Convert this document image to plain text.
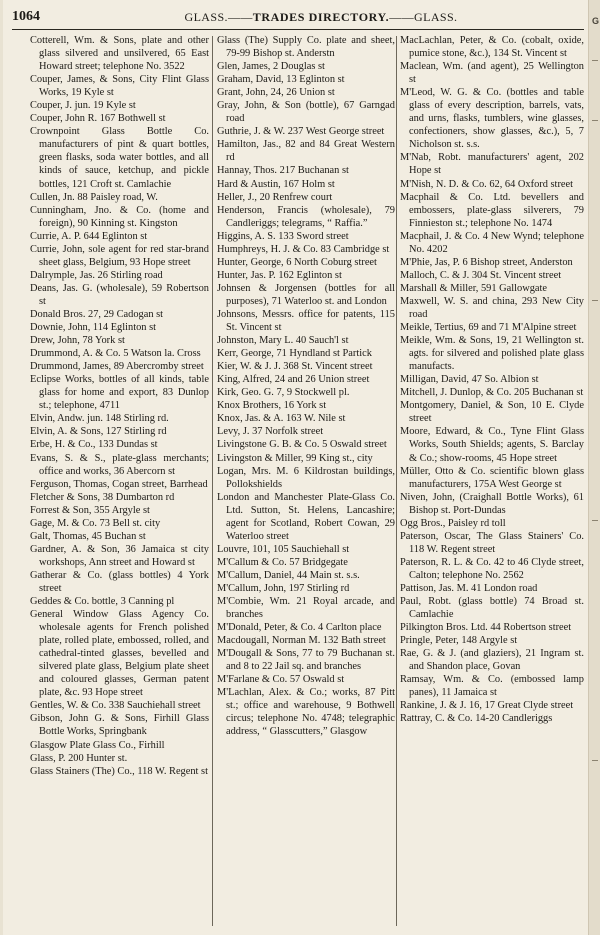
1064	GLASS.——TRADES DIRECTORY.——GLASS.

Cotterell, Wm. & Sons, plate and other glass silvered and unsilvered, 65 East Howard street; telephone No. 3522

Couper, James, & Sons, City Flint Glass Works, 19 Kyle st

Couper, J. jun. 19 Kyle st

Couper, John R. 167 Bothwell st

Crownpoint Glass Bottle Co. manufacturers of pint & quart bottles, green flasks, soda water bottles, and all kinds of sauce, ketchup, and pickle bottles, 121 Croft st. Camlachie

Cullen, Jn. 88 Paisley road, W.

Cunningham, Jno. & Co. (home and foreign), 90 Kinning st. Kingston

Currie, A. P. 644 Eglinton st

Currie, John, sole agent for red star-brand sheet glass, Belgium, 93 Hope street

Dalrymple, Jas. 26 Stirling road

Deans, Jas. G. (wholesale), 59 Robertson st

Donald Bros. 27, 29 Cadogan st

Downie, John, 114 Eglinton st

Drew, John, 78 York st

Drummond, A. & Co. 5 Watson la. Cross

Drummond, James, 89 Abercromby street

Eclipse Works, bottles of all kinds, table glass for home and export, 83 Dunlop st.; telephone, 4711

Elvin, Andw. jun. 148 Stirling rd.

Elvin, A. & Sons, 127 Stirling rd

Erbe, H. & Co., 133 Dundas st

Evans, S. & S., plate-glass merchants; office and works, 36 Abercorn st

Ferguson, Thomas, Cogan street, Barrhead

Fletcher & Sons, 38 Dumbarton rd

Forrest & Son, 355 Argyle st

Gage, M. & Co. 73 Bell st. city

Galt, Thomas, 45 Buchan st

Gardner, A. & Son, 36 Jamaica st city workshops, Ann street and Howard st

Gatherar & Co. (glass bottles) 4 York street

Geddes & Co. bottle, 3 Canning pl

General Window Glass Agency Co. wholesale agents for French polished plate, rolled plate, embossed, rolled, and cathedral-tinted glasses, bevelled and silvered plate glass, Belgium plate sheet and coloured glasses, German patent plate, &c. 93 Hope street

Gentles, W. & Co. 338 Sauchiehall street

Gibson, John G. & Sons, Firhill Glass Bottle Works, Springbank

Glasgow Plate Glass Co., Firhill

Glass, P. 200 Hunter st.

Glass Stainers (The) Co., 118 W. Regent st

Glass (The) Supply Co. plate and sheet, 79-99 Bishop st. Anderstn

Glen, James, 2 Douglas st

Graham, David, 13 Eglinton st

Grant, John, 24, 26 Union st

Gray, John, & Son (bottle), 67 Garngad road

Guthrie, J. & W. 237 West George street

Hamilton, Jas., 82 and 84 Great Western rd

Hannay, Thos. 217 Buchanan st

Hard & Austin, 167 Holm st

Heller, J., 20 Renfrew court

Henderson, Francis (wholesale), 79 Candleriggs; telegrams, “ Raffia.”

Higgins, A. S. 133 Sword street

Humphreys, H. J. & Co. 83 Cambridge st

Hunter, George, 6 North Coburg street

Hunter, Jas. P. 162 Eglinton st

Johnsen & Jorgensen (bottles for all purposes), 71 Waterloo st. and London

Johnsons, Messrs. office for patents, 115 St. Vincent st

Johnston, Mary L. 40 Sauch'l st

Kerr, George, 71 Hyndland st Partick

Kier, W. & J. J. 368 St. Vincent street

King, Alfred, 24 and 26 Union street

Kirk, Geo. G. 7, 9 Stockwell pl.

Knox Brothers, 16 York st

Knox, Jas. & A. 163 W. Nile st

Levy, J. 37 Norfolk street

Livingstone G. B. & Co. 5 Oswald street

Livingston & Miller, 99 King st., city

Logan, Mrs. M. 6 Kildrostan buildings, Pollokshields

London and Manchester Plate-Glass Co. Ltd. Sutton, St. Helens, Lancashire; agent for Scotland, Robert Cowan, 29 Waterloo street

Louvre, 101, 105 Sauchiehall st

M'Callum & Co. 57 Bridgegate

M'Callum, Daniel, 44 Main st. s.s.

M'Callum, John, 197 Stirling rd

M'Combie, Wm. 21 Royal arcade, and branches

M'Donald, Peter, & Co. 4 Carlton place

Macdougall, Norman M. 132 Bath street

M'Dougall & Sons, 77 to 79 Buchanan st. and 8 to 22 Jail sq. and branches

M'Farlane & Co. 57 Oswald st

M'Lachlan, Alex. & Co.; works, 87 Pitt st.; office and warehouse, 9 Bothwell circus; telephone No. 4748; telegraphic address, “ Glasscutters,” Glasgow

MacLachlan, Peter, & Co. (cobalt, oxide, pumice stone, &c.), 134 St. Vincent st

Maclean, Wm. (and agent), 25 Wellington st

M'Leod, W. G. & Co. (bottles and table glass of every description, barrels, vats, and urns, flasks, tumblers, wine glasses, confectioners, show glasses, &c.), 5, 7 Nicholson st. s.s.

M'Nab, Robt. manufacturers' agent, 202 Hope st

M'Nish, N. D. & Co. 62, 64 Oxford street

Macphail & Co. Ltd. bevellers and embossers, plate-glass silverers, 79 Finnieston st.; telephone No. 1474

Macphail, J. & Co. 4 New Wynd; telephone No. 4202

M'Phie, Jas, P. 6 Bishop street, Anderston

Malloch, C. & J. 304 St. Vincent street

Marshall & Miller, 591 Gallowgate

Maxwell, W. S. and china, 293 New City road

Meikle, Tertius, 69 and 71 M'Alpine street

Meikle, Wm. & Sons, 19, 21 Wellington st. agts. for silvered and polished plate glass manufacts.

Milligan, David, 47 So. Albion st

Mitchell, J. Dunlop, & Co. 205 Buchanan st

Montgomery, Daniel, & Son, 10 E. Clyde street

Moore, Edward, & Co., Tyne Flint Glass Works, South Shields; agents, S. Barclay & Co.; show-rooms, 45 Hope street

Müller, Otto & Co. scientific blown glass manufacturers, 175A West George st

Niven, John, (Craighall Bottle Works), 61 Bishop st. Port-Dundas

Ogg Bros., Paisley rd toll

Paterson, Oscar, The Glass Stainers' Co. 118 W. Regent street

Paterson, R. L. & Co. 42 to 46 Clyde street, Calton; telephone No. 2562

Pattison, Jas. M. 41 London road

Paul, Robt. (glass bottle) 74 Broad st. Camlachie

Pilkington Bros. Ltd. 44 Robertson street

Pringle, Peter, 148 Argyle st

Rae, G. & J. (and glaziers), 21 Ingram st. and Shandon place, Govan

Ramsay, Wm. & Co. (embossed lamp panes), 11 Jamaica st

Rankine, J. & J. 16, 17 Great Clyde street

Rattray, C. & Co. 14-20 Candleriggs

G
